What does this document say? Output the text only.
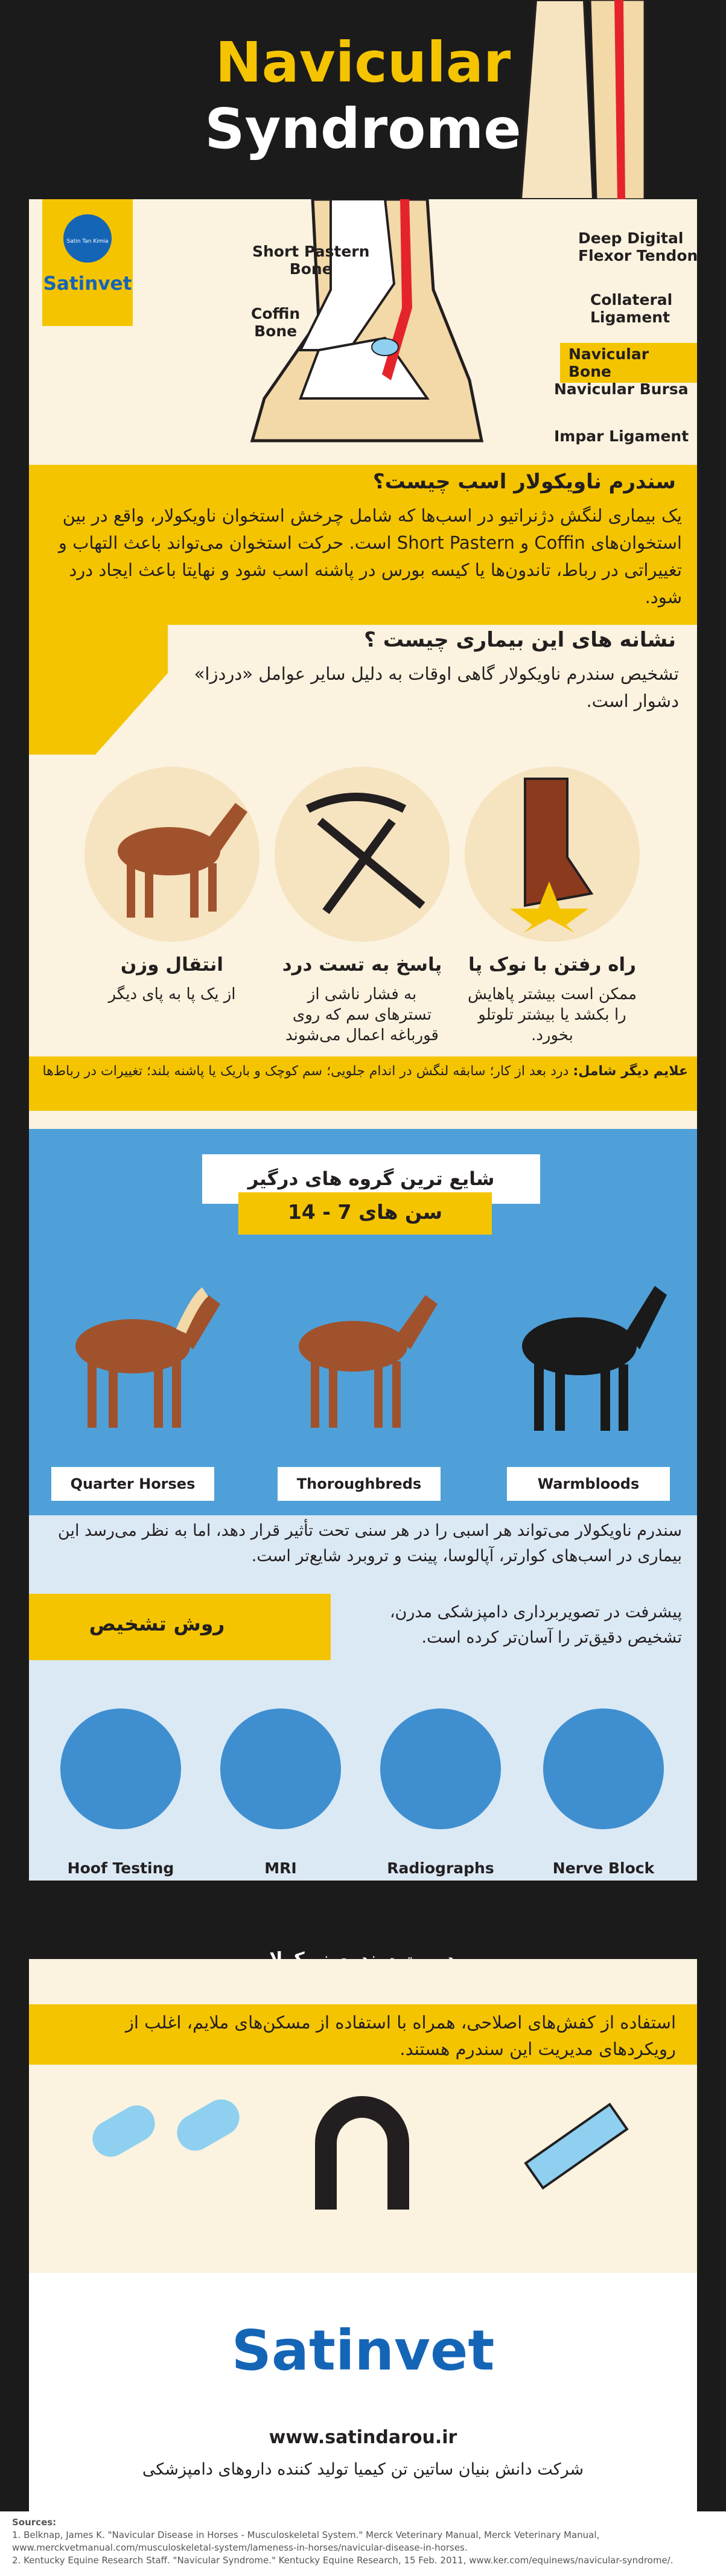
Navicular
Syndrome
Satin Tan Kimia
Satinvet
Short Pastern
Bone
Coffin
Bone
Deep Digital
Flexor Tendon
Collateral
Ligament
Navicular Bone
Navicular Bursa
Impar Ligament
سندرم ناویکولار اسب چیست؟
یک بیماری لنگش دژنراتیو در اسب‌ها که شامل چرخش استخوان ناویکولار، واقع در بین استخوان‌های Coffin و Short Pastern است. حرکت استخوان می‌تواند باعث التهاب و تغییراتی در رباط، تاندون‌ها یا کیسه بورس در پاشنه اسب شود و نهایتا باعث ایجاد درد شود.
نشانه های این بیماری چیست ؟
تشخیص سندرم ناویکولار گاهی اوقات به دلیل سایر عوامل «دردزا» دشوار است.
راه رفتن با نوک پا
ممکن است بیشتر پاهایش را بکشد یا بیشتر تلوتلو بخورد.
پاسخ به تست درد
به فشار ناشی از تسترهای سم که روی قورباغه اعمال می‌شوند
انتقال وزن
از یک پا به پای دیگر
علایم دیگر شامل: درد بعد از کار؛ سابقه لنگش در اندام جلویی؛ سم کوچک و باریک یا پاشنه بلند؛ تغییرات در رباط‌ها
شایع ترین گروه های درگیر
سن های 7 - 14
Quarter Horses	Thoroughbreds	Warmbloods
سندرم ناویکولار می‌تواند هر اسبی را در هر سنی تحت تأثیر قرار دهد، اما به نظر می‌رسد این بیماری در اسب‌های کوارتر، آپالوسا، پینت و تروبرد شایع‌تر است.
روش تشخیص	پیشرفت در تصویربرداری دامپزشکی مدرن، تشخیص دقیق‌تر را آسان‌تر کرده است.
Hoof Testing	MRI	Radiographs	Nerve Block
استفاده از کفش‌های اصلاحی، همراه با استفاده از مسکن‌های ملایم، اغلب از رویکردهای مدیریت این سندرم هستند.
Satinvet
www.satindarou.ir
شرکت دانش بنیان ساتین تن کیمیا تولید کننده داروهای دامپزشکی
Sources:
1. Belknap, James K. "Navicular Disease in Horses - Musculoskeletal System." Merck Veterinary Manual, Merck Veterinary Manual, www.merckvetmanual.com/musculoskeletal-system/lameness-in-horses/navicular-disease-in-horses.
2. Kentucky Equine Research Staff. "Navicular Syndrome." Kentucky Equine Research, 15 Feb. 2011, www.ker.com/equinews/navicular-syndrome/.
